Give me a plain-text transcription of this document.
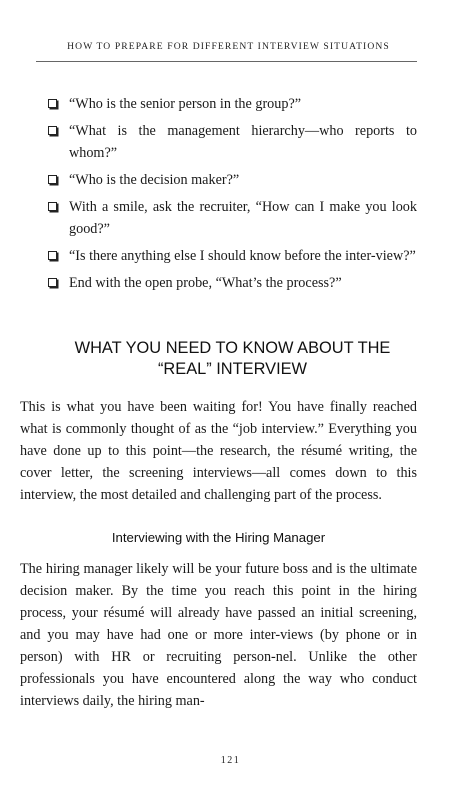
HOW TO PREPARE FOR DIFFERENT INTERVIEW SITUATIONS
“Who is the senior person in the group?”
“What is the management hierarchy—who reports to whom?”
“Who is the decision maker?”
With a smile, ask the recruiter, “How can I make you look good?”
“Is there anything else I should know before the inter-view?”
End with the open probe, “What’s the process?”
WHAT YOU NEED TO KNOW ABOUT THE
“REAL” INTERVIEW

This is what you have been waiting for! You have finally reached what is commonly thought of as the “job interview.” Everything you have done up to this point—the research, the résumé writing, the cover letter, the screening interviews—all comes down to this interview, the most detailed and challenging part of the process.

Interviewing with the Hiring Manager

The hiring manager likely will be your future boss and is the ultimate decision maker. By the time you reach this point in the hiring process, your résumé will already have passed an initial screening, and you may have had one or more inter-views (by phone or in person) with HR or recruiting person-nel. Unlike the other professionals you have encountered along the way who conduct interviews daily, the hiring man-

121
